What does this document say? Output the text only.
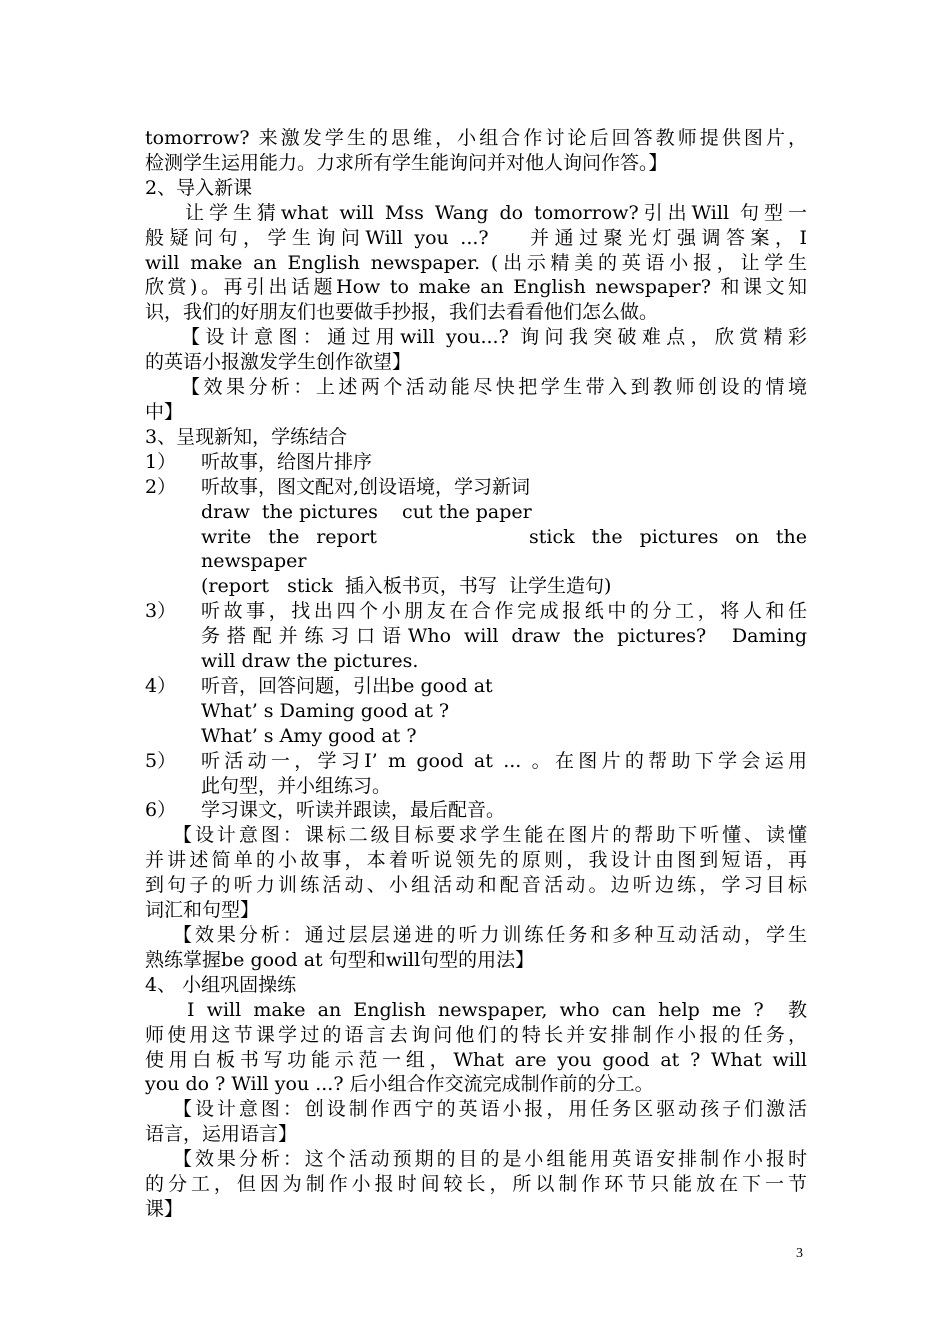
tomorrow? 来激发学生的思维，小组合作讨论后回答教师提供图片，
检测学生运用能力。力求所有学生能询问并对他人询问作答。】
2、导入新课
让学生猜what will Mss Wang do tomorrow?引出Will 句型一
般疑问句，学生询问Will you ...?　 并通过聚光灯强调答案，I
will make an English newspaper. (出示精美的英语小报，让学生
欣赏)。再引出话题How to make an English newspaper? 和课文知
识，我们的好朋友们也要做手抄报，我们去看看他们怎么做。
【设计意图：通过用will you...? 询问我突破难点，欣赏精彩
的英语小报激发学生创作欲望】
【效果分析：上述两个活动能尽快把学生带入到教师创设的情境
中】
3、呈现新知，学练结合
1）	听故事，给图片排序
2）	听故事，图文配对,创设语境，学习新词
draw  the pictures    cut the paper
write the report         stick the pictures on the
newspaper
(report   stick  插入板书页，书写  让学生造句)
3）	听故事，找出四个小朋友在合作完成报纸中的分工，将人和任
务搭配并练习口语Who will draw the pictures?  Daming
will draw the pictures.
4）	听音，回答问题，引出be good at
What’ s Daming good at ?
What’ s Amy good at ?
5）	听活动一，学习I’ m good at ... 。在图片的帮助下学会运用
此句型，并小组练习。
6）	学习课文，听读并跟读，最后配音。
【设计意图：课标二级目标要求学生能在图片的帮助下听懂、读懂
并讲述简单的小故事，本着听说领先的原则，我设计由图到短语，再
到句子的听力训练活动、小组活动和配音活动。边听边练，学习目标
词汇和句型】
【效果分析：通过层层递进的听力训练任务和多种互动活动，学生
熟练掌握be good at 句型和will句型的用法】
4、 小组巩固操练
I will make an English newspaper, who can help me ?  教
师使用这节课学过的语言去询问他们的特长并安排制作小报的任务，
使用白板书写功能示范一组，What are you good at ? What will
you do ? Will you ...? 后小组合作交流完成制作前的分工。
【设计意图：创设制作西宁的英语小报，用任务区驱动孩子们激活
语言，运用语言】
【效果分析：这个活动预期的目的是小组能用英语安排制作小报时
的分工，但因为制作小报时间较长，所以制作环节只能放在下一节
课】
3
